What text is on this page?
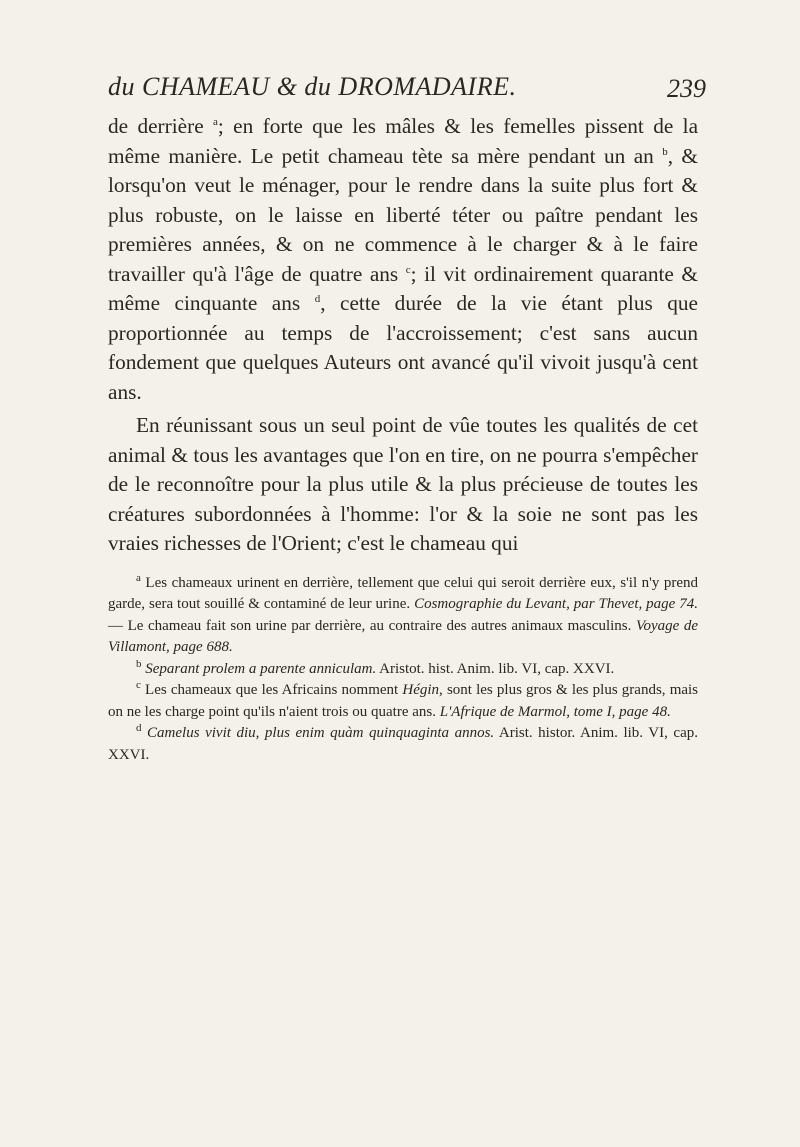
du CHAMEAU & du DROMADAIRE.	239

de derrière $^a$; en forte que les mâles & les femelles pissent de la même manière. Le petit chameau tète sa mère pendant un an $^b$, & lorsqu'on veut le ménager, pour le rendre dans la suite plus fort & plus robuste, on le laisse en liberté téter ou paître pendant les premières années, & on ne commence à le charger & à le faire travailler qu'à l'âge de quatre ans $^c$; il vit ordinairement quarante & même cinquante ans $^d$, cette durée de la vie étant plus que proportionnée au temps de l'accroissement; c'est sans aucun fondement que quelques Auteurs ont avancé qu'il vivoit jusqu'à cent ans.

En réunissant sous un seul point de vûe toutes les qualités de cet animal & tous les avantages que l'on en tire, on ne pourra s'empêcher de le reconnoître pour la plus utile & la plus précieuse de toutes les créatures subordonnées à l'homme: l'or & la soie ne sont pas les vraies richesses de l'Orient; c'est le chameau qui

$^a$ Les chameaux urinent en derrière, tellement que celui qui seroit derrière eux, s'il n'y prend garde, sera tout souillé & contaminé de leur urine. Cosmographie du Levant, par Thevet, page 74. — Le chameau fait son urine par derrière, au contraire des autres animaux masculins. Voyage de Villamont, page 688.

$^b$ Separant prolem a parente anniculam. Aristot. hist. Anim. lib. VI, cap. XXVI.

$^c$ Les chameaux que les Africains nomment Hégin, sont les plus gros & les plus grands, mais on ne les charge point qu'ils n'aient trois ou quatre ans. L'Afrique de Marmol, tome I, page 48.

$^d$ Camelus vivit diu, plus enim quàm quinquaginta annos. Arist. histor. Anim. lib. VI, cap. XXVI.
